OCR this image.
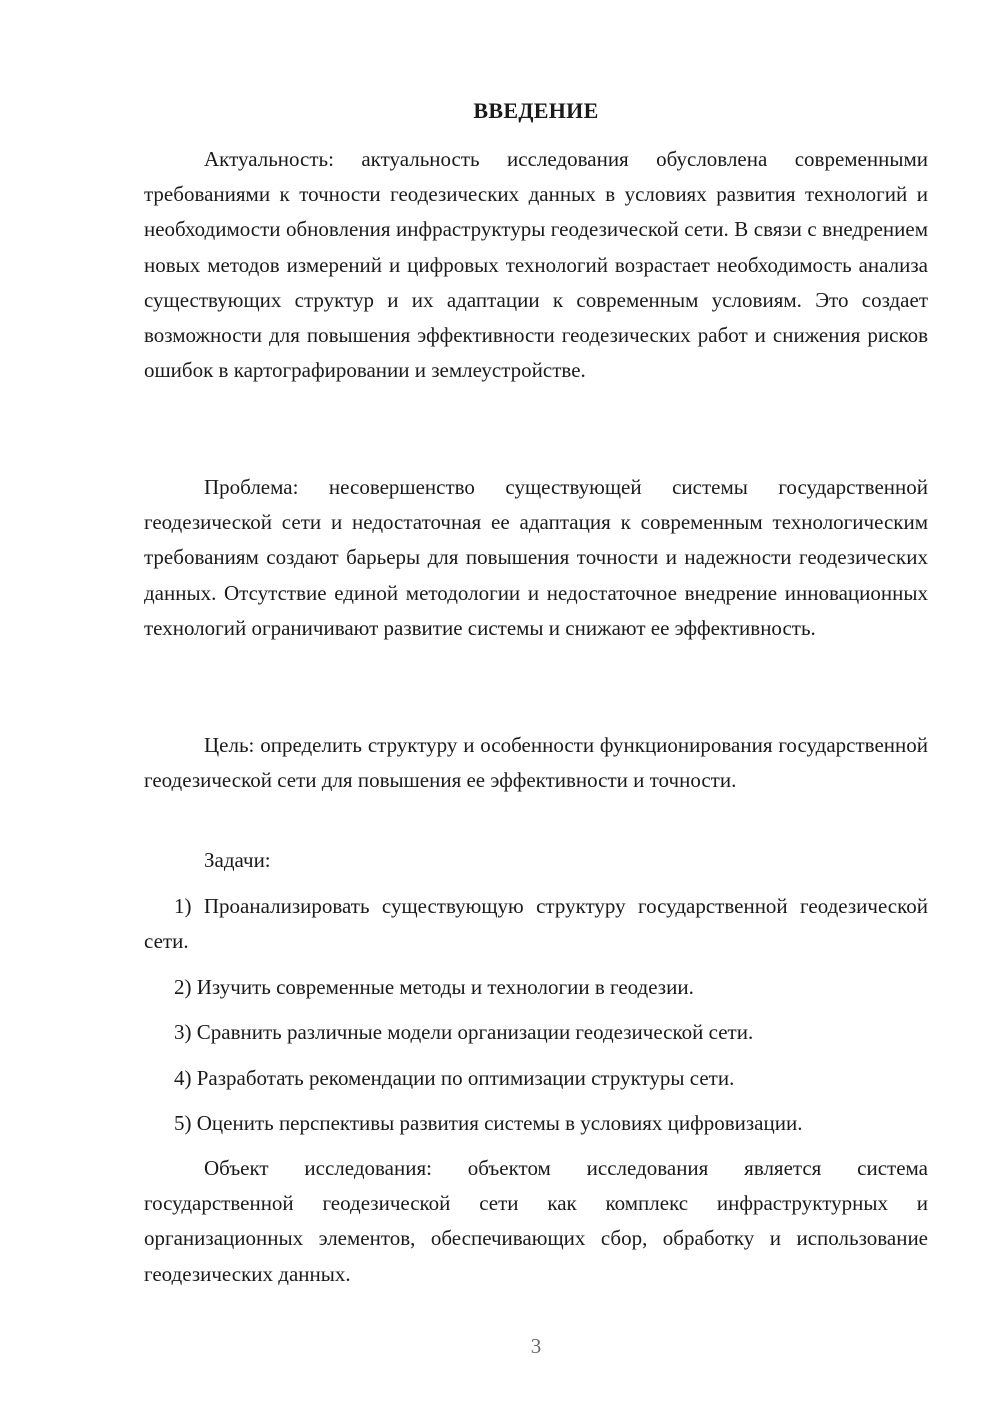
ВВЕДЕНИЕ

Актуальность: актуальность исследования обусловлена современными требованиями к точности геодезических данных в условиях развития технологий и необходимости обновления инфраструктуры геодезической сети. В связи с внедрением новых методов измерений и цифровых технологий возрастает необходимость анализа существующих структур и их адаптации к современным условиям. Это создает возможности для повышения эффективности геодезических работ и снижения рисков ошибок в картографировании и землеустройстве.

Проблема: несовершенство существующей системы государственной геодезической сети и недостаточная ее адаптация к современным технологическим требованиям создают барьеры для повышения точности и надежности геодезических данных. Отсутствие единой методологии и недостаточное внедрение инновационных технологий ограничивают развитие системы и снижают ее эффективность.

Цель: определить структуру и особенности функционирования государственной геодезической сети для повышения ее эффективности и точности.

Задачи:

1) Проанализировать существующую структуру государственной геодезической сети.

2) Изучить современные методы и технологии в геодезии.

3) Сравнить различные модели организации геодезической сети.

4) Разработать рекомендации по оптимизации структуры сети.

5) Оценить перспективы развития системы в условиях цифровизации.

Объект исследования: объектом исследования является система государственной геодезической сети как комплекс инфраструктурных и организационных элементов, обеспечивающих сбор, обработку и использование геодезических данных.

3
